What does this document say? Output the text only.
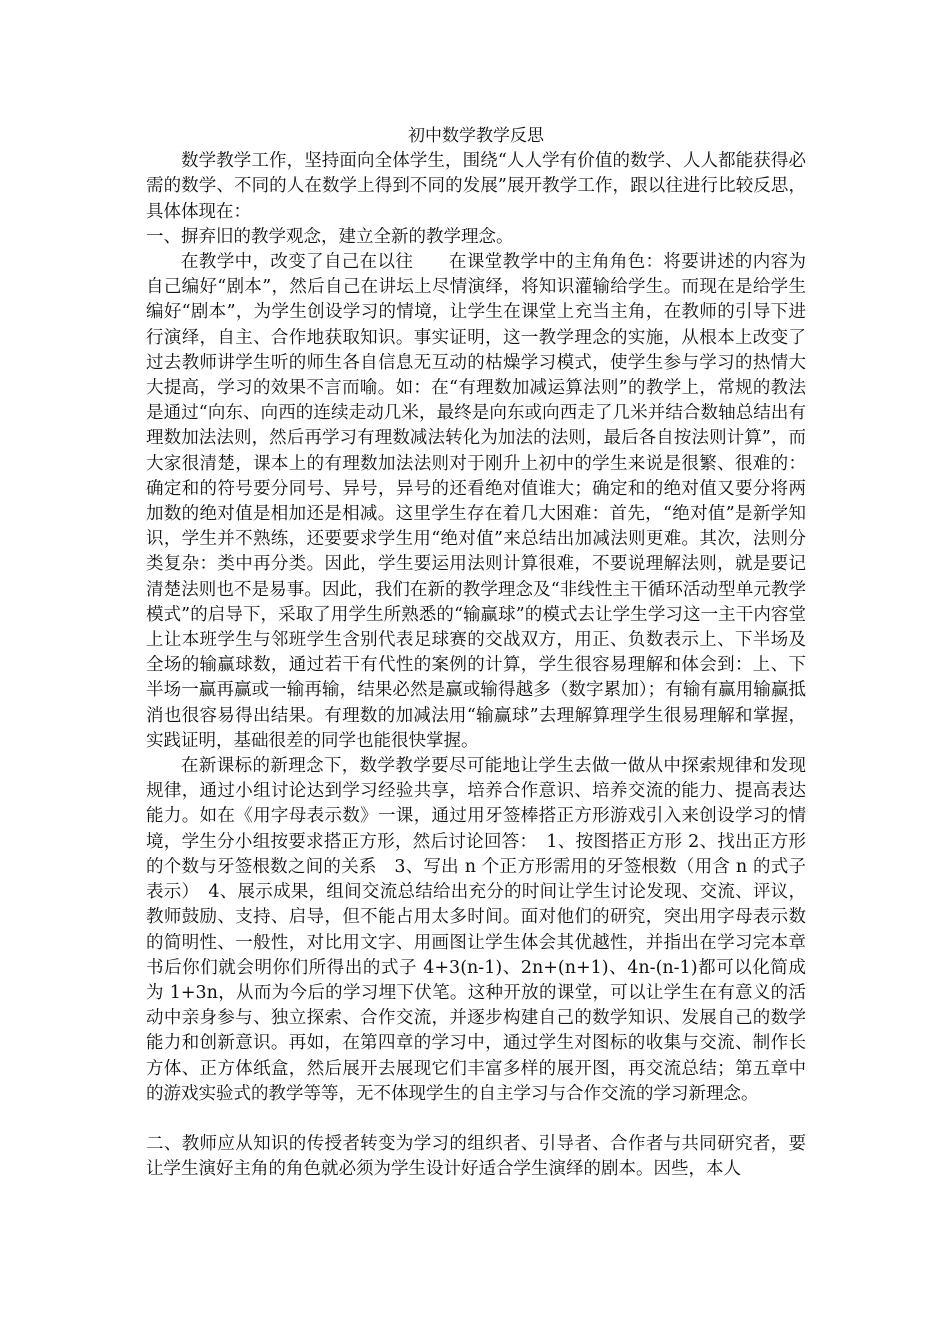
初中数学教学反思

数学教学工作，坚持面向全体学生，围绕“人人学有价值的数学、人人都能获得必需的数学、不同的人在数学上得到不同的发展”展开教学工作，跟以往进行比较反思，具体体现在：

一、摒弃旧的教学观念，建立全新的教学理念。

在教学中，改变了自己在以往　　在课堂教学中的主角角色：将要讲述的内容为自己编好“剧本”，然后自己在讲坛上尽情演绎，将知识灌输给学生。而现在是给学生编好“剧本”，为学生创设学习的情境，让学生在课堂上充当主角，在教师的引导下进行演绎，自主、合作地获取知识。事实证明，这一教学理念的实施，从根本上改变了过去教师讲学生听的师生各自信息无互动的枯燥学习模式，使学生参与学习的热情大大提高，学习的效果不言而喻。如：在“有理数加减运算法则”的教学上，常规的教法是通过“向东、向西的连续走动几米，最终是向东或向西走了几米并结合数轴总结出有理数加法法则，然后再学习有理数减法转化为加法的法则，最后各自按法则计算”，而大家很清楚，课本上的有理数加法法则对于刚升上初中的学生来说是很繁、很难的：确定和的符号要分同号、异号，异号的还看绝对值谁大；确定和的绝对值又要分将两加数的绝对值是相加还是相减。这里学生存在着几大困难：首先，“绝对值”是新学知识，学生并不熟练，还要要求学生用“绝对值”来总结出加减法则更难。其次，法则分类复杂：类中再分类。因此，学生要运用法则计算很难，不要说理解法则，就是要记清楚法则也不是易事。因此，我们在新的教学理念及“非线性主干循环活动型单元教学模式”的启导下，采取了用学生所熟悉的“输赢球”的模式去让学生学习这一主干内容堂上让本班学生与邻班学生含别代表足球赛的交战双方，用正、负数表示上、下半场及全场的输赢球数，通过若干有代性的案例的计算，学生很容易理解和体会到：上、下半场一赢再赢或一输再输，结果必然是赢或输得越多（数字累加）；有输有赢用输赢抵消也很容易得出结果。有理数的加减法用“输赢球”去理解算理学生很易理解和掌握，实践证明，基础很差的同学也能很快掌握。

在新课标的新理念下，数学教学要尽可能地让学生去做一做从中探索规律和发现规律，通过小组讨论达到学习经验共享，培养合作意识、培养交流的能力、提高表达能力。如在《用字母表示数》一课，通过用牙签棒搭正方形游戏引入来创设学习的情境，学生分小组按要求搭正方形，然后讨论回答：　1、按图搭正方形 2、找出正方形的个数与牙签根数之间的关系　3、写出 n 个正方形需用的牙签根数（用含 n 的式子表示）　4、展示成果，组间交流总结给出充分的时间让学生讨论发现、交流、评议，教师鼓励、支持、启导，但不能占用太多时间。面对他们的研究，突出用字母表示数的简明性、一般性，对比用文字、用画图让学生体会其优越性，并指出在学习完本章书后你们就会明你们所得出的式子 4+3(n-1)、2n+(n+1)、4n-(n-1)都可以化简成为 1+3n，从而为今后的学习埋下伏笔。这种开放的课堂，可以让学生在有意义的活动中亲身参与、独立探索、合作交流，并逐步构建自己的数学知识、发展自己的数学能力和创新意识。再如，在第四章的学习中，通过学生对图标的收集与交流、制作长方体、正方体纸盒，然后展开去展现它们丰富多样的展开图，再交流总结；第五章中的游戏实验式的教学等等，无不体现学生的自主学习与合作交流的学习新理念。

二、教师应从知识的传授者转变为学习的组织者、引导者、合作者与共同研究者，要让学生演好主角的角色就必须为学生设计好适合学生演绎的剧本。因些，本人
